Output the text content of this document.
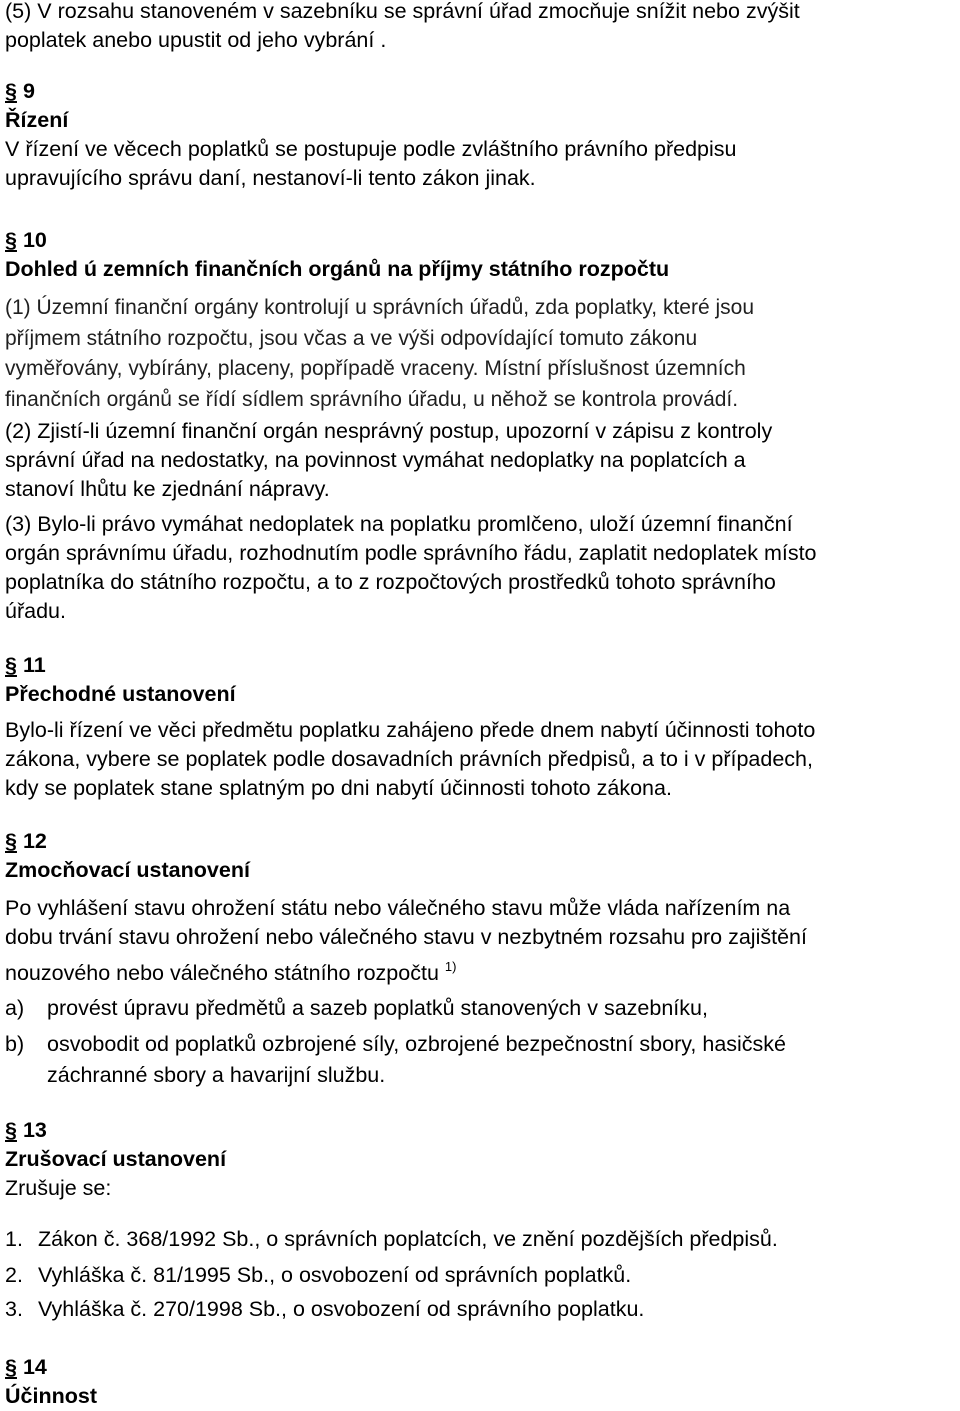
(5) V rozsahu stanoveném v sazebníku se správní úřad zmocňuje snížit nebo zvýšit
poplatek anebo upustit od jeho vybrání .
§ 9
Řízení
V řízení ve věcech poplatků se postupuje podle zvláštního právního předpisu
upravujícího správu daní, nestanoví-li tento zákon jinak.
§ 10
Dohled ú zemních finančních orgánů na příjmy státního rozpočtu
(1) Územní finanční orgány kontrolují u správních úřadů, zda poplatky, které jsou
příjmem státního rozpočtu, jsou včas a ve výši odpovídající tomuto zákonu
vyměřovány, vybírány, placeny, popřípadě vraceny. Místní příslušnost územních
finančních orgánů se řídí sídlem správního úřadu, u něhož se kontrola provádí.
(2) Zjistí-li územní finanční orgán nesprávný postup, upozorní v zápisu z kontroly
správní úřad na nedostatky, na povinnost vymáhat nedoplatky na poplatcích a
stanoví lhůtu ke zjednání nápravy.
(3) Bylo-li právo vymáhat nedoplatek na poplatku promlčeno, uloží územní finanční
orgán správnímu úřadu, rozhodnutím podle správního řádu, zaplatit nedoplatek místo
poplatníka do státního rozpočtu, a to z rozpočtových prostředků tohoto správního
úřadu.
§ 11
Přechodné ustanovení
Bylo-li řízení ve věci předmětu poplatku zahájeno přede dnem nabytí účinnosti tohoto
zákona, vybere se poplatek podle dosavadních právních předpisů, a to i v případech,
kdy se poplatek stane splatným po dni nabytí účinnosti tohoto zákona.
§ 12
Zmocňovací ustanovení
Po vyhlášení stavu ohrožení státu nebo válečného stavu může vláda nařízením na
dobu trvání stavu ohrožení nebo válečného stavu v nezbytném rozsahu pro zajištění
nouzového nebo válečného státního rozpočtu $^{1)}$
a) provést úpravu předmětů a sazeb poplatků stanovených v sazebníku,
b) osvobodit od poplatků ozbrojené síly, ozbrojené bezpečnostní sbory, hasičské
záchranné sbory a havarijní službu.
§ 13
Zrušovací ustanovení
Zrušuje se:
1. Zákon č. 368/1992 Sb., o správních poplatcích, ve znění pozdějších předpisů.
2. Vyhláška č. 81/1995 Sb., o osvobození od správních poplatků.
3. Vyhláška č. 270/1998 Sb., o osvobození od správního poplatku.
§ 14
Účinnost
